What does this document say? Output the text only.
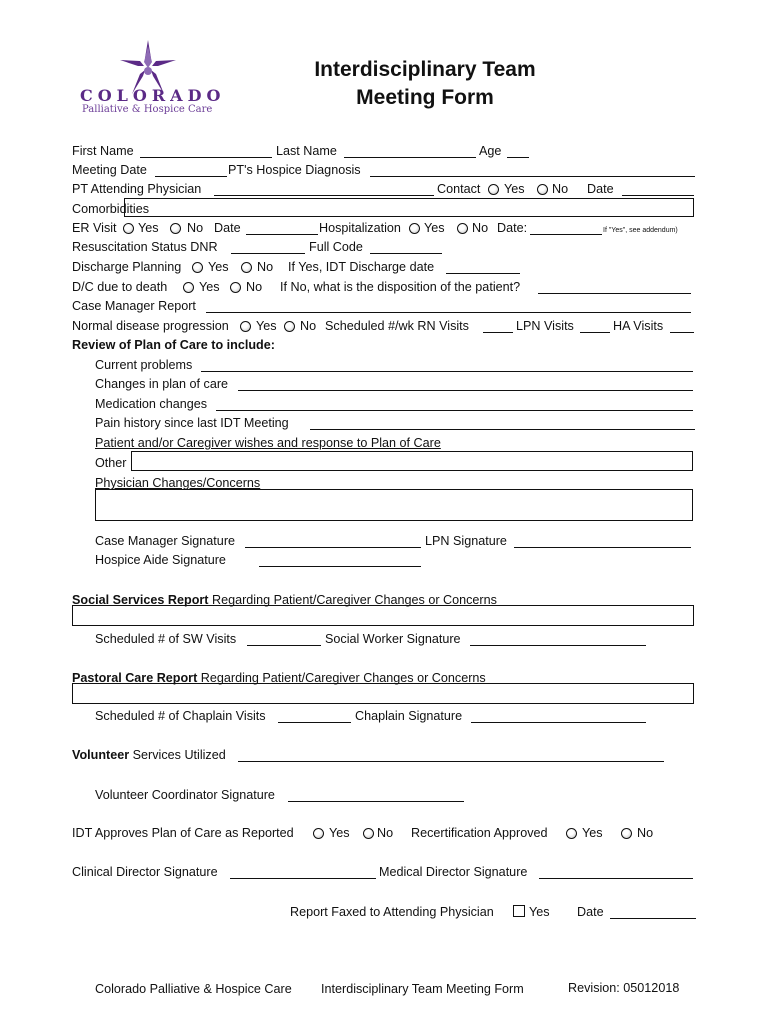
COLORADO
Palliative & Hospice Care
Interdisciplinary Team
Meeting Form
First Name	Last Name	Age
Meeting Date	PT's Hospice Diagnosis
PT Attending Physician	Contact Yes No Date
Comorbidities
ER Visit Yes No Date	Hospitalization Yes No Date:	If "Yes", see addendum)
Resuscitation Status DNR	Full Code
Discharge Planning Yes No If Yes, IDT Discharge date
D/C due to death	Yes No If No, what is the disposition of the patient?
Case Manager Report
Normal disease progression Yes No Scheduled #/wk RN Visits	LPN Visits	HA Visits
Review of Plan of Care to include:
Current problems
Changes in plan of care
Medication changes
Pain history since last IDT Meeting
Patient and/or Caregiver wishes and response to Plan of Care
Other
Physician Changes/Concerns
Case Manager Signature	LPN Signature
Hospice Aide Signature
Social Services Report Regarding Patient/Caregiver Changes or Concerns
Scheduled # of SW Visits	Social Worker Signature
Pastoral Care Report Regarding Patient/Caregiver Changes or Concerns
Scheduled # of Chaplain Visits	Chaplain Signature
Volunteer Services Utilized
Volunteer Coordinator Signature
IDT Approves Plan of Care as Reported	Yes No Recertification Approved	Yes	No
Clinical Director Signature	Medical Director Signature
Report Faxed to Attending Physician	Yes Date
Colorado Palliative & Hospice Care Interdisciplinary Team Meeting Form	Revision: 05012018
